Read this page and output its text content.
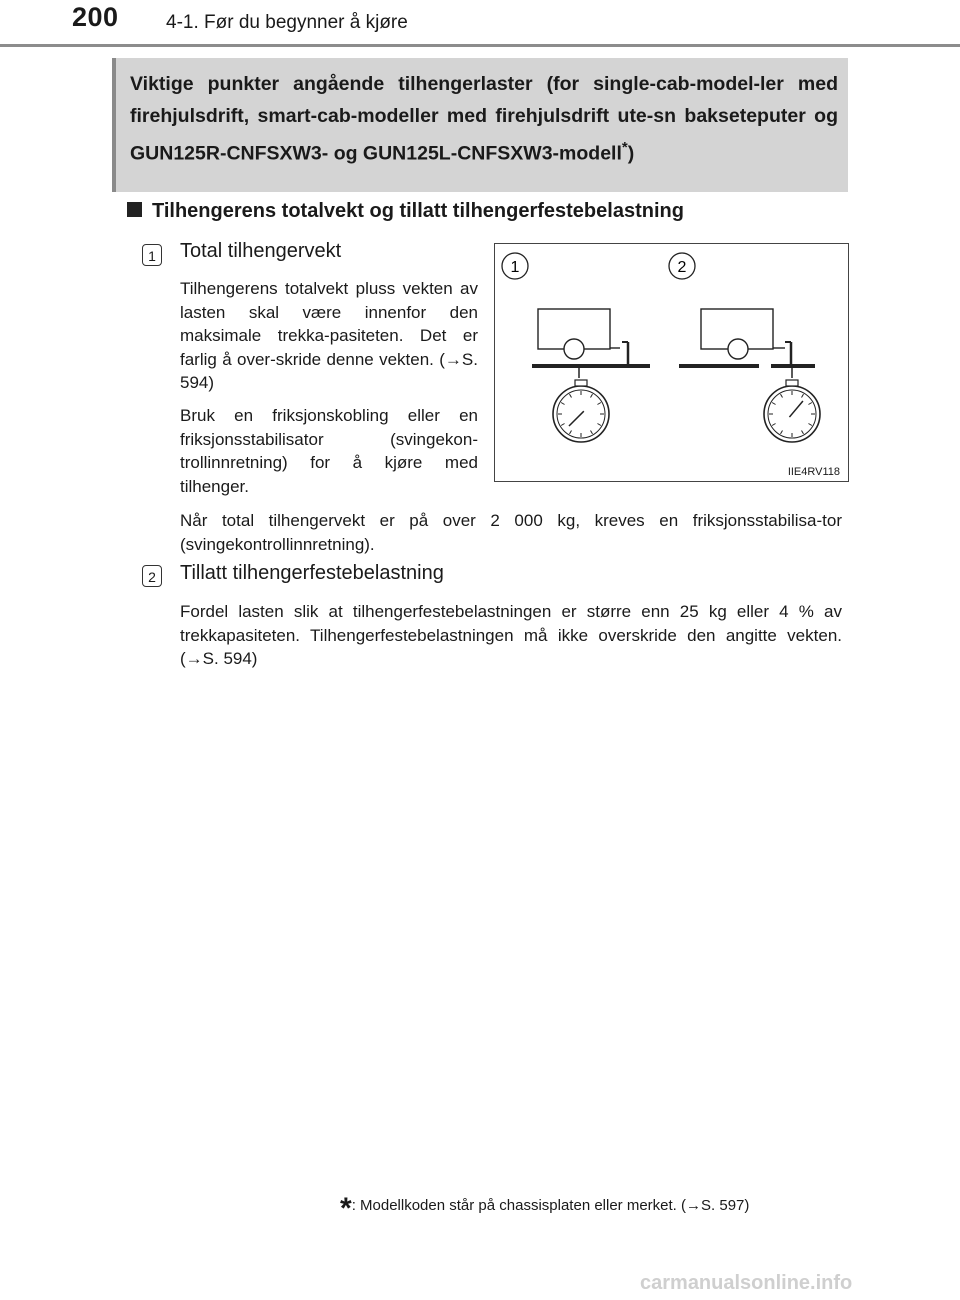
200 4-1. Før du begynner å kjøre
Viktige punkter angående tilhengerlaster (for single-cab-model-ler med firehjulsdrift, smart-cab-modeller med firehjulsdrift ute-sn bakseteputer og GUN125R-CNFSXW3- og GUN125L-CNFSXW3-modell*)
Tilhengerens totalvekt og tillatt tilhengerfestebelastning
1	Total tilhengervekt
Tilhengerens totalvekt pluss vekten av lasten skal være innenfor den maksimale trekka-pasiteten. Det er farlig å over-skride denne vekten. (→S. 594)
Bruk en friksjonskobling eller en friksjonsstabilisator (svingekon-trollinnretning) for å kjøre med tilhenger.
Når total tilhengervekt er på over 2 000 kg, kreves en friksjonsstabilisa-tor (svingekontrollinnretning).
1	2
IIE4RV118
2	Tillatt tilhengerfestebelastning
Fordel lasten slik at tilhengerfestebelastningen er større enn 25 kg eller 4 % av trekkapasiteten. Tilhengerfestebelastningen må ikke overskride den angitte vekten. (→S. 594)
*: Modellkoden står på chassisplaten eller merket. (→S. 597)
carmanualsonline.info
